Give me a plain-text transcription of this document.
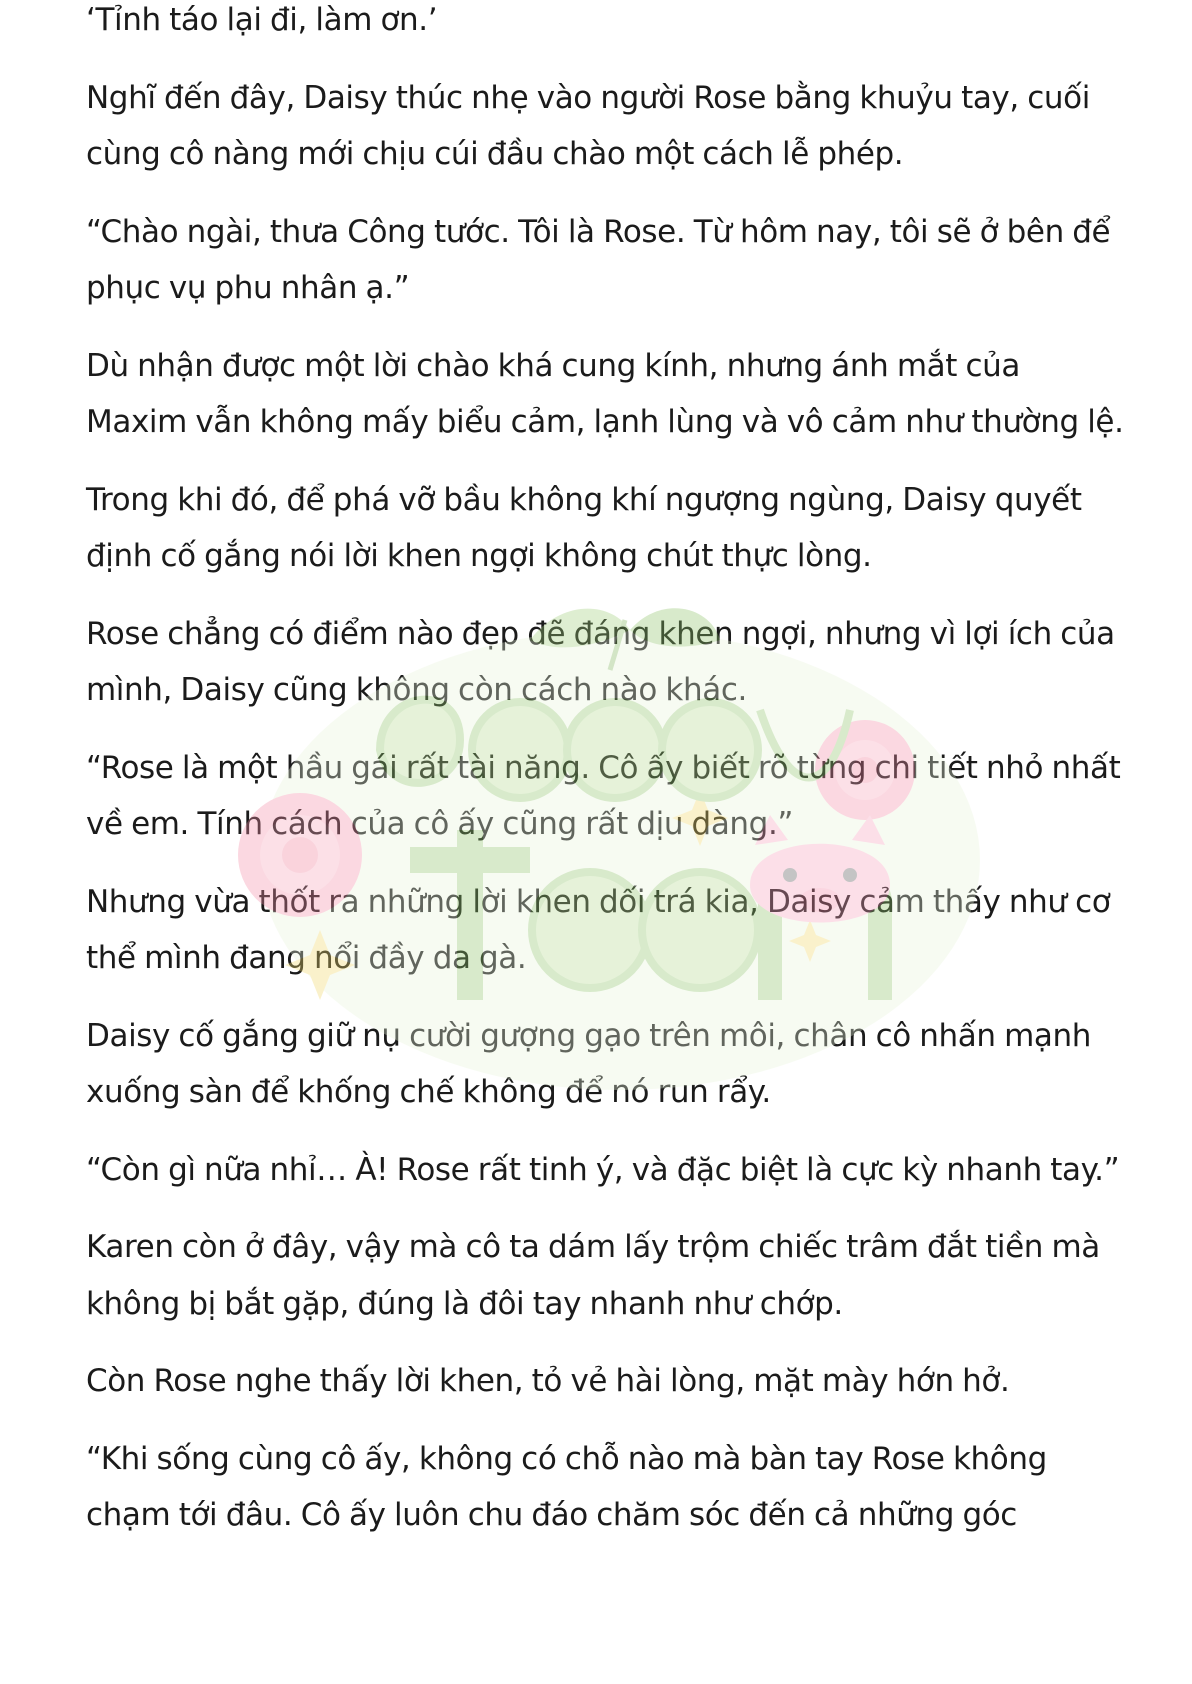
‘Tỉnh táo lại đi, làm ơn.’

Nghĩ đến đây, Daisy thúc nhẹ vào người Rose bằng khuỷu tay, cuối cùng cô nàng mới chịu cúi đầu chào một cách lễ phép.

“Chào ngài, thưa Công tước. Tôi là Rose. Từ hôm nay, tôi sẽ ở bên để phục vụ phu nhân ạ.”

Dù nhận được một lời chào khá cung kính, nhưng ánh mắt của Maxim vẫn không mấy biểu cảm, lạnh lùng và vô cảm như thường lệ.

Trong khi đó, để phá vỡ bầu không khí ngượng ngùng, Daisy quyết định cố gắng nói lời khen ngợi không chút thực lòng.

Rose chẳng có điểm nào đẹp đẽ đáng khen ngợi, nhưng vì lợi ích của mình, Daisy cũng không còn cách nào khác.

“Rose là một hầu gái rất tài năng. Cô ấy biết rõ từng chi tiết nhỏ nhất về em. Tính cách của cô ấy cũng rất dịu dàng.”

Nhưng vừa thốt ra những lời khen dối trá kia, Daisy cảm thấy như cơ thể mình đang nổi đầy da gà.

Daisy cố gắng giữ nụ cười gượng gạo trên môi, chân cô nhấn mạnh xuống sàn để khống chế không để nó run rẩy.

“Còn gì nữa nhỉ… À! Rose rất tinh ý, và đặc biệt là cực kỳ nhanh tay.”

Karen còn ở đây, vậy mà cô ta dám lấy trộm chiếc trâm đắt tiền mà không bị bắt gặp, đúng là đôi tay nhanh như chớp.

Còn Rose nghe thấy lời khen, tỏ vẻ hài lòng, mặt mày hớn hở.

“Khi sống cùng cô ấy, không có chỗ nào mà bàn tay Rose không chạm tới đâu. Cô ấy luôn chu đáo chăm sóc đến cả những góc
